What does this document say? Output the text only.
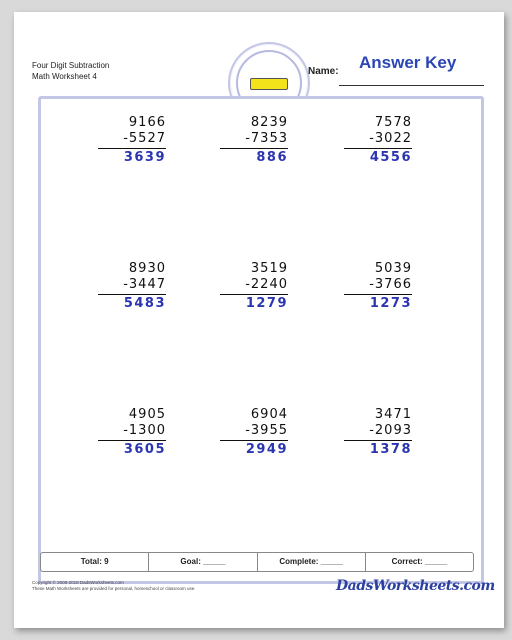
Four Digit Subtraction
Math Worksheet 4	Name: Answer Key
9166
-5527
3639
8239
-7353
886
7578
-3022
4556
8930
-3447
5483
3519
-2240
1279
5039
-3766
1273
4905
-1300
3605
6904
-3955
2949
3471
-2093
1378
Total: 9	Goal: _____	Complete: _____	Correct: _____
Copyright © 2008-2018 DadsWorksheets.com
These Math Worksheets are provided for personal, homeschool or classroom use.	DadsWorksheets.com
